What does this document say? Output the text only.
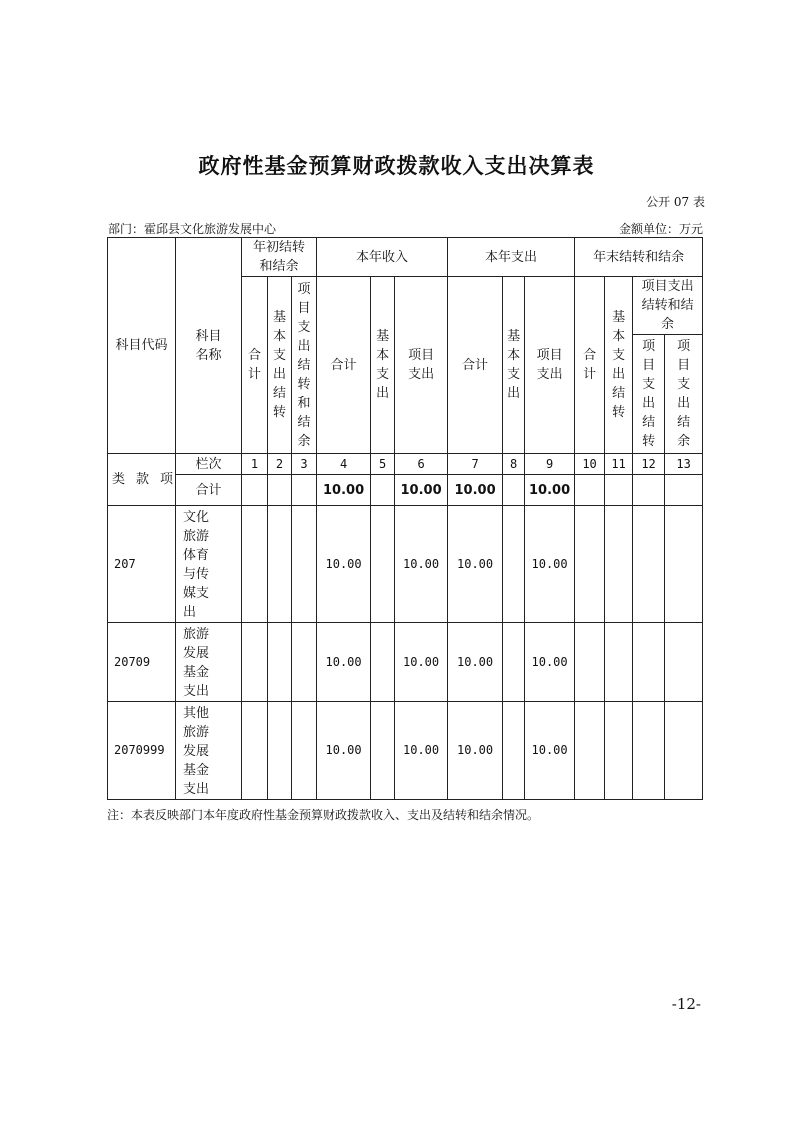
政府性基金预算财政拨款收入支出决算表
公开 07 表
部门：霍邱县文化旅游发展中心	金额单位：万元
科目代码	科目名称	年初结转和结余			本年收入			本年支出			年末结转和结余			
		合计	基本支出结转	项目支出结转和结余	合计	基本支出	项目支出	合计	基本支出	项目支出	合计	基本支出结转	项目支出结转和结余	
													项目支出结转	项目支出结余

类 款 项	栏次	1	2	3	4	5	6	7	8	9	10	11	12	13
	合计				10.00		10.00	10.00		10.00				
207	文化旅游体育与传媒支出				10.00		10.00	10.00		10.00				
20709	旅游发展基金支出				10.00		10.00	10.00		10.00				
2070999	其他旅游发展基金支出				10.00		10.00	10.00		10.00				
注：本表反映部门本年度政府性基金预算财政拨款收入、支出及结转和结余情况。
-12-
